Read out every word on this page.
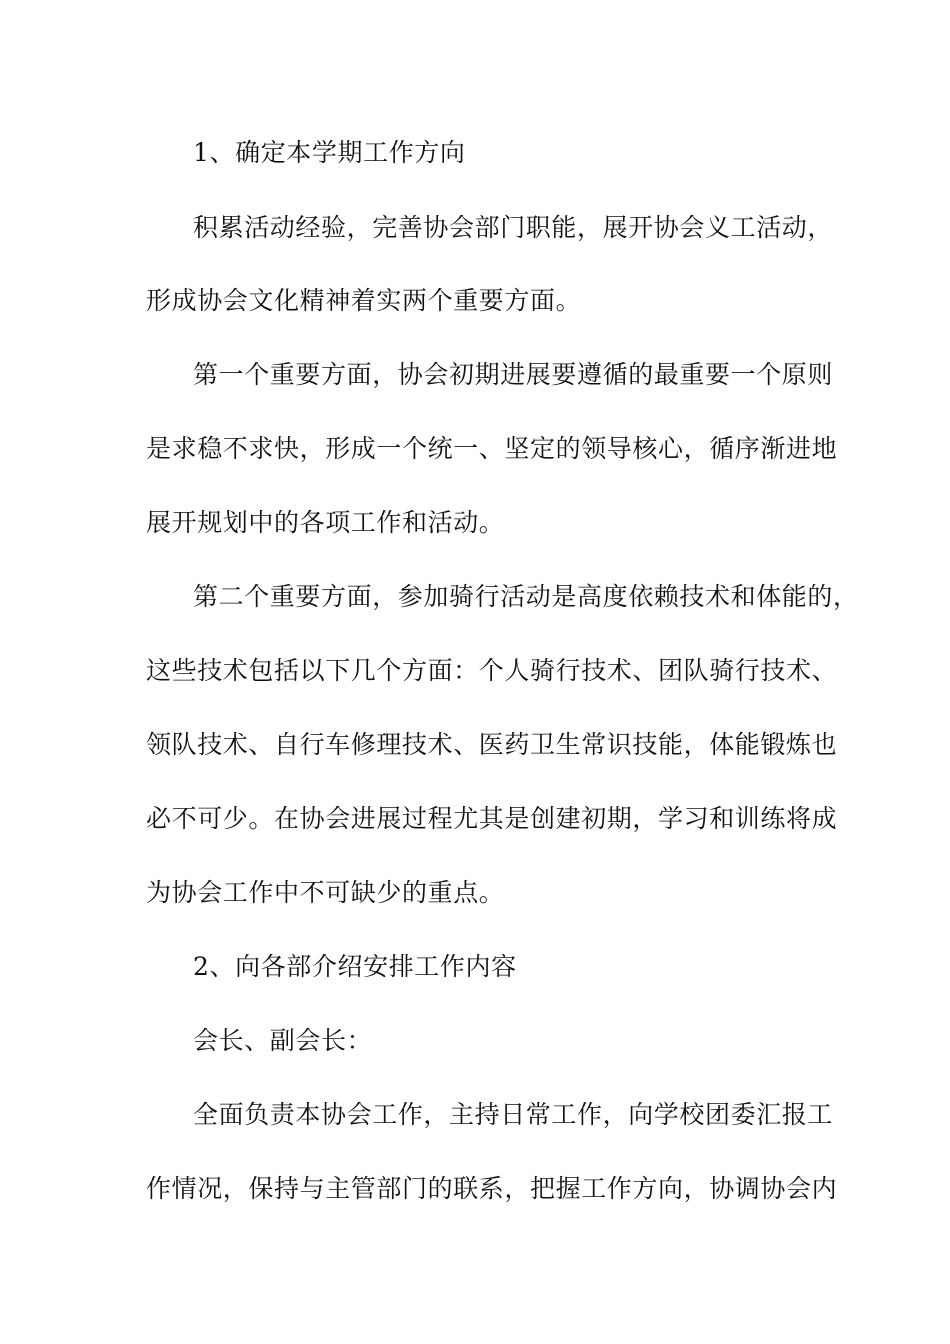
1、确定本学期工作方向
积累活动经验，完善协会部门职能，展开协会义工活动，
形成协会文化精神着实两个重要方面。
第一个重要方面，协会初期进展要遵循的最重要一个原则
是求稳不求快，形成一个统一、坚定的领导核心，循序渐进地
展开规划中的各项工作和活动。
第二个重要方面，参加骑行活动是高度依赖技术和体能的，
这些技术包括以下几个方面：个人骑行技术、团队骑行技术、
领队技术、自行车修理技术、医药卫生常识技能，体能锻炼也
必不可少。在协会进展过程尤其是创建初期，学习和训练将成
为协会工作中不可缺少的重点。
2、向各部介绍安排工作内容
会长、副会长：
全面负责本协会工作，主持日常工作，向学校团委汇报工
作情况，保持与主管部门的联系，把握工作方向，协调协会内
